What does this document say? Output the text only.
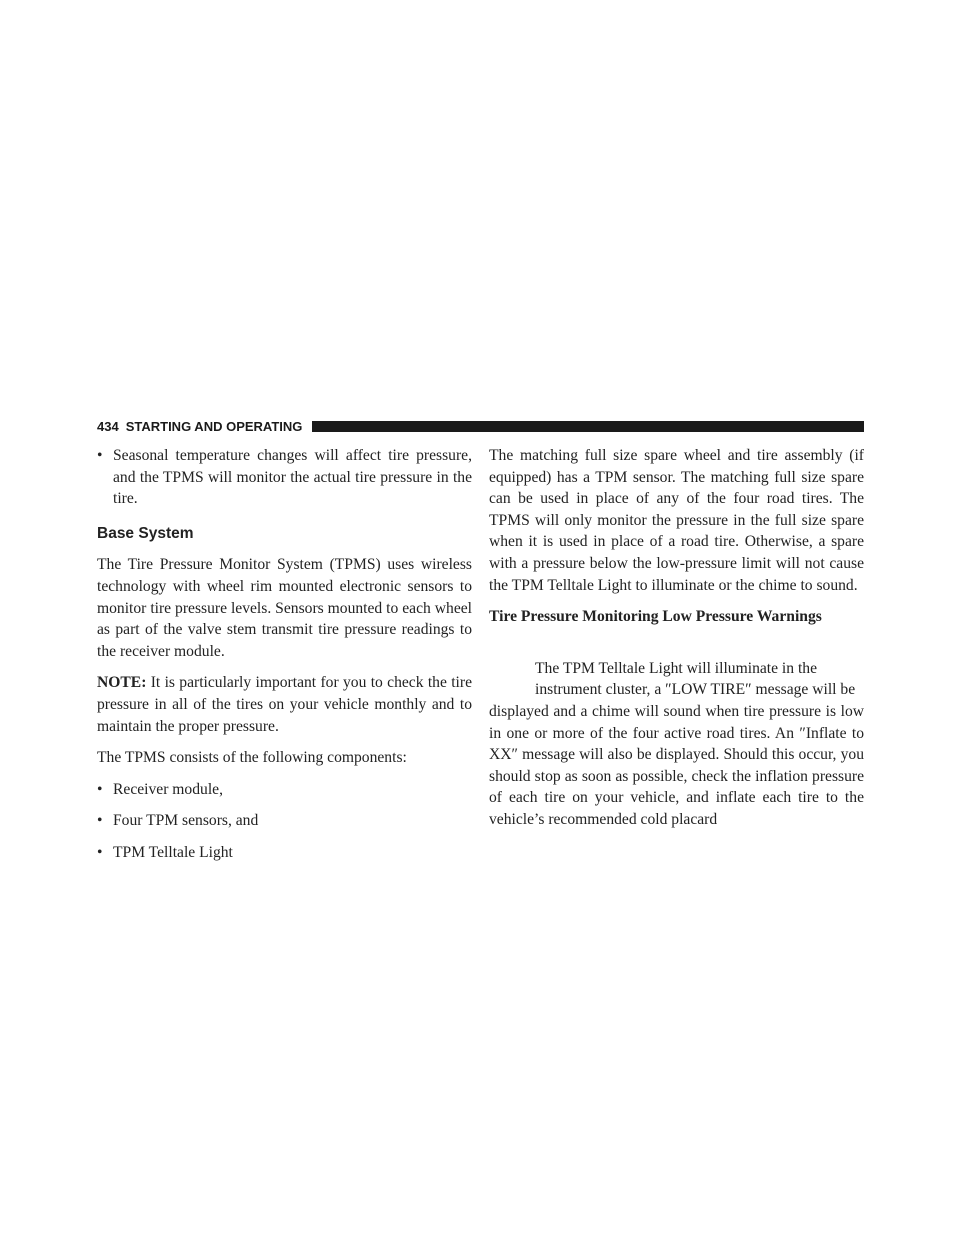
434 STARTING AND OPERATING
• Seasonal temperature changes will affect tire pressure, and the TPMS will monitor the actual tire pressure in the tire.
Base System

The Tire Pressure Monitor System (TPMS) uses wireless technology with wheel rim mounted electronic sensors to monitor tire pressure levels. Sensors mounted to each wheel as part of the valve stem transmit tire pressure readings to the receiver module.

NOTE: It is particularly important for you to check the tire pressure in all of the tires on your vehicle monthly and to maintain the proper pressure.

The TPMS consists of the following components:

• Receiver module,
• Four TPM sensors, and
• TPM Telltale Light

The matching full size spare wheel and tire assembly (if equipped) has a TPM sensor. The matching full size spare can be used in place of any of the four road tires. The TPMS will only monitor the pressure in the full size spare when it is used in place of a road tire. Otherwise, a spare with a pressure below the low-pressure limit will not cause the TPM Telltale Light to illuminate or the chime to sound.

Tire Pressure Monitoring Low Pressure Warnings

The TPM Telltale Light will illuminate in the

instrument cluster, a ″LOW TIRE″ message will be

displayed and a chime will sound when tire pressure is low in one or more of the four active road tires. An ″Inflate to XX″ message will also be displayed. Should this occur, you should stop as soon as possible, check the inflation pressure of each tire on your vehicle, and inflate each tire to the vehicle’s recommended cold placard
